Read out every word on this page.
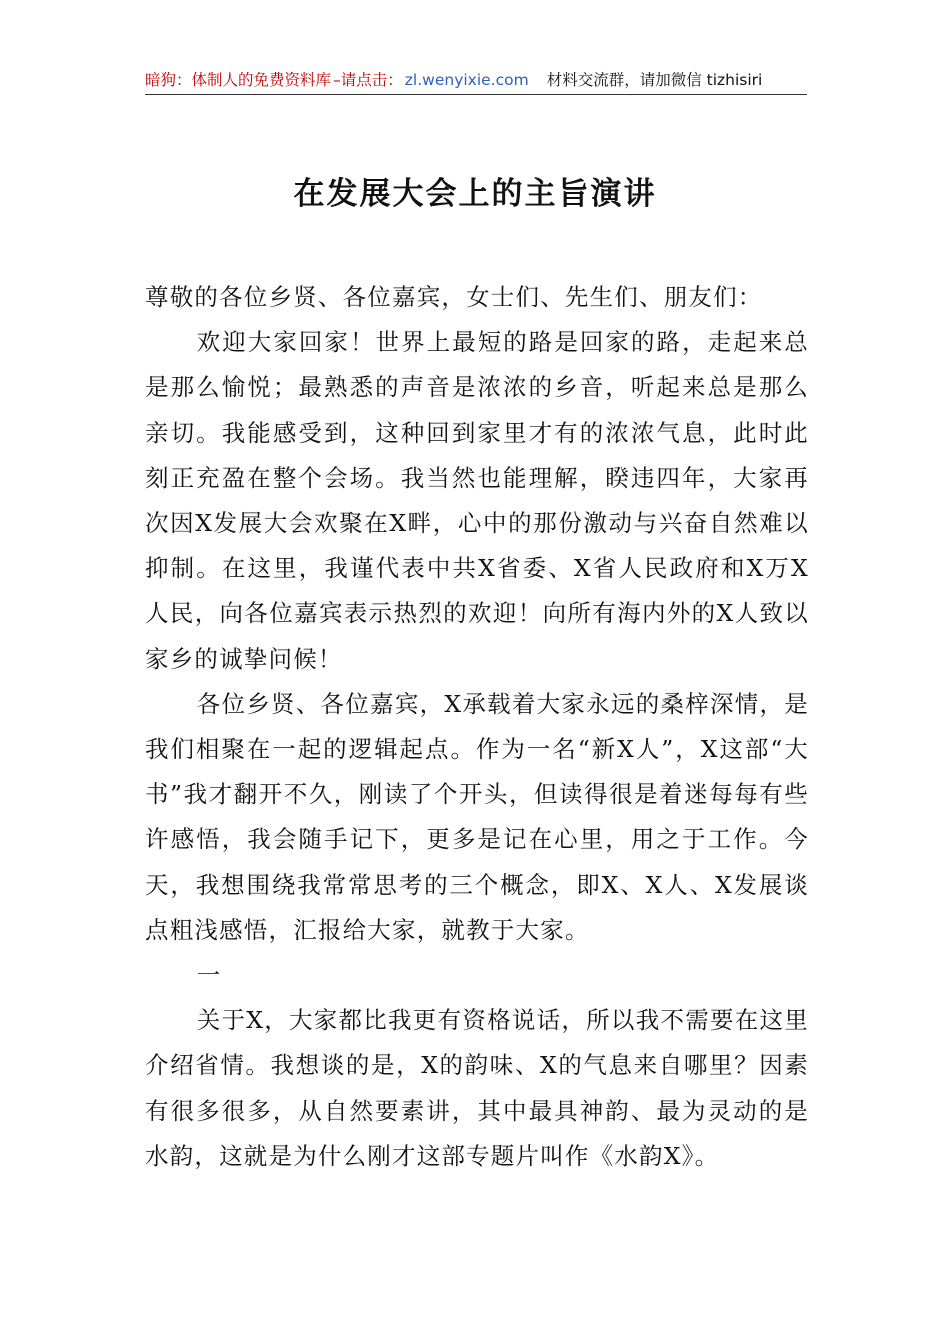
暗狗：体制人的免费资料库 –请点击： zl.wenyixie.com 材料交流群，请加微信 tizhisiri
在发展大会上的主旨演讲

尊敬的各位乡贤、各位嘉宾，女士们、先生们、朋友们：

欢迎大家回家！世界上最短的路是回家的路，走起来总是那么愉悦；最熟悉的声音是浓浓的乡音，听起来总是那么亲切。我能感受到，这种回到家里才有的浓浓气息，此时此刻正充盈在整个会场。我当然也能理解，睽违四年，大家再次因X发展大会欢聚在X畔，心中的那份激动与兴奋自然难以抑制。在这里，我谨代表中共X省委、X省人民政府和X万X人民，向各位嘉宾表示热烈的欢迎！向所有海内外的X人致以家乡的诚挚问候！

各位乡贤、各位嘉宾，X承载着大家永远的桑梓深情，是我们相聚在一起的逻辑起点。作为一名“新X人”，X这部“大书”我才翻开不久，刚读了个开头，但读得很是着迷每每有些许感悟，我会随手记下，更多是记在心里，用之于工作。今天，我想围绕我常常思考的三个概念，即X、X人、X发展谈点粗浅感悟，汇报给大家，就教于大家。

一

关于X，大家都比我更有资格说话，所以我不需要在这里介绍省情。我想谈的是，X的韵味、X的气息来自哪里？因素有很多很多，从自然要素讲，其中最具神韵、最为灵动的是水韵，这就是为什么刚才这部专题片叫作《水韵X》。
